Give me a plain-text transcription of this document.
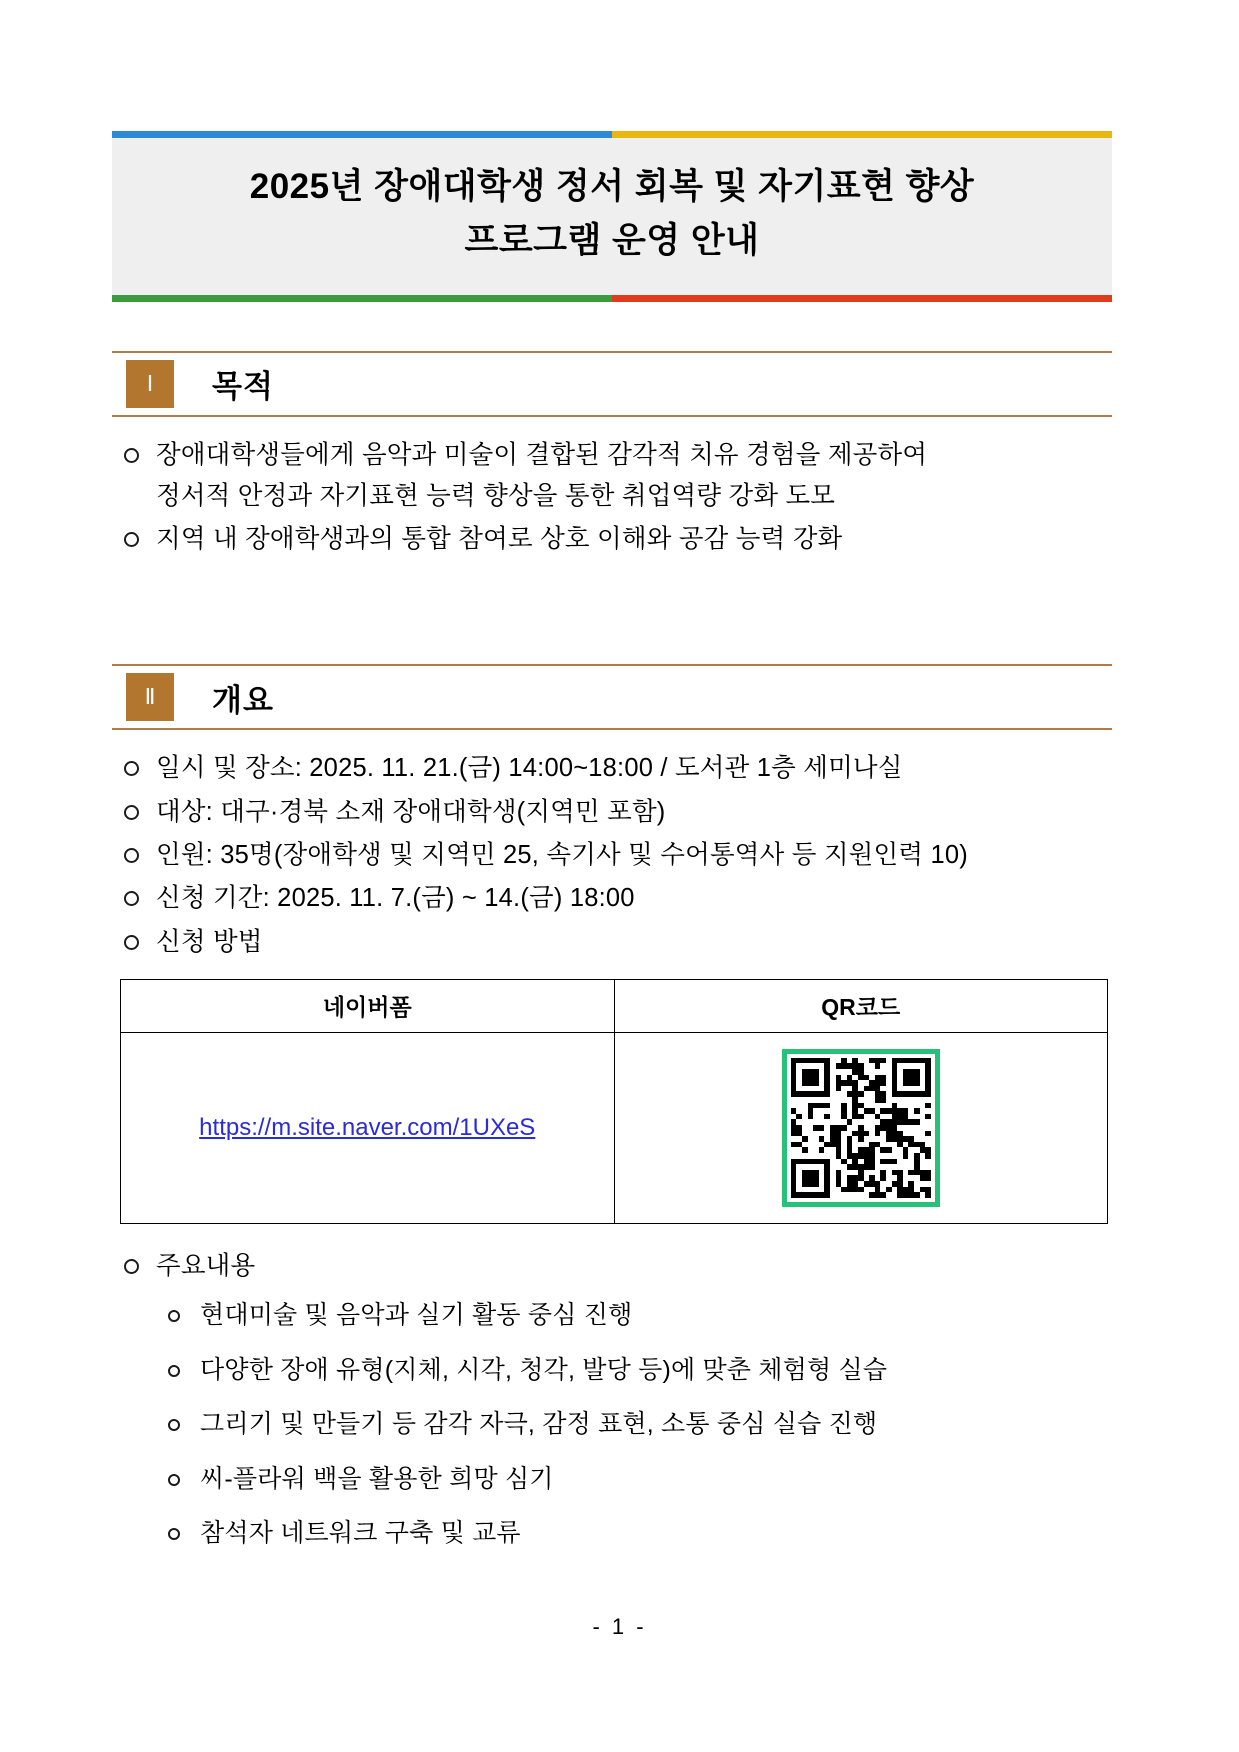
2025년 장애대학생 정서 회복 및 자기표현 향상
프로그램 운영 안내
Ⅰ	목적
장애대학생들에게 음악과 미술이 결합된 감각적 치유 경험을 제공하여
정서적 안정과 자기표현 능력 향상을 통한 취업역량 강화 도모
지역 내 장애학생과의 통합 참여로 상호 이해와 공감 능력 강화
Ⅱ	개요
일시 및 장소: 2025. 11. 21.(금) 14:00~18:00 / 도서관 1층 세미나실
대상: 대구·경북 소재 장애대학생(지역민 포함)
인원: 35명(장애학생 및 지역민 25, 속기사 및 수어통역사 등 지원인력 10)
신청 기간: 2025. 11. 7.(금) ~ 14.(금) 18:00
신청 방법
네이버폼	QR코드
https://m.site.naver.com/1UXeS	
주요내용
현대미술 및 음악과 실기 활동 중심 진행
다양한 장애 유형(지체, 시각, 청각, 발당 등)에 맞춘 체험형 실습
그리기 및 만들기 등 감각 자극, 감정 표현, 소통 중심 실습 진행
씨-플라워 백을 활용한 희망 심기
참석자 네트워크 구축 및 교류
- 1 -
